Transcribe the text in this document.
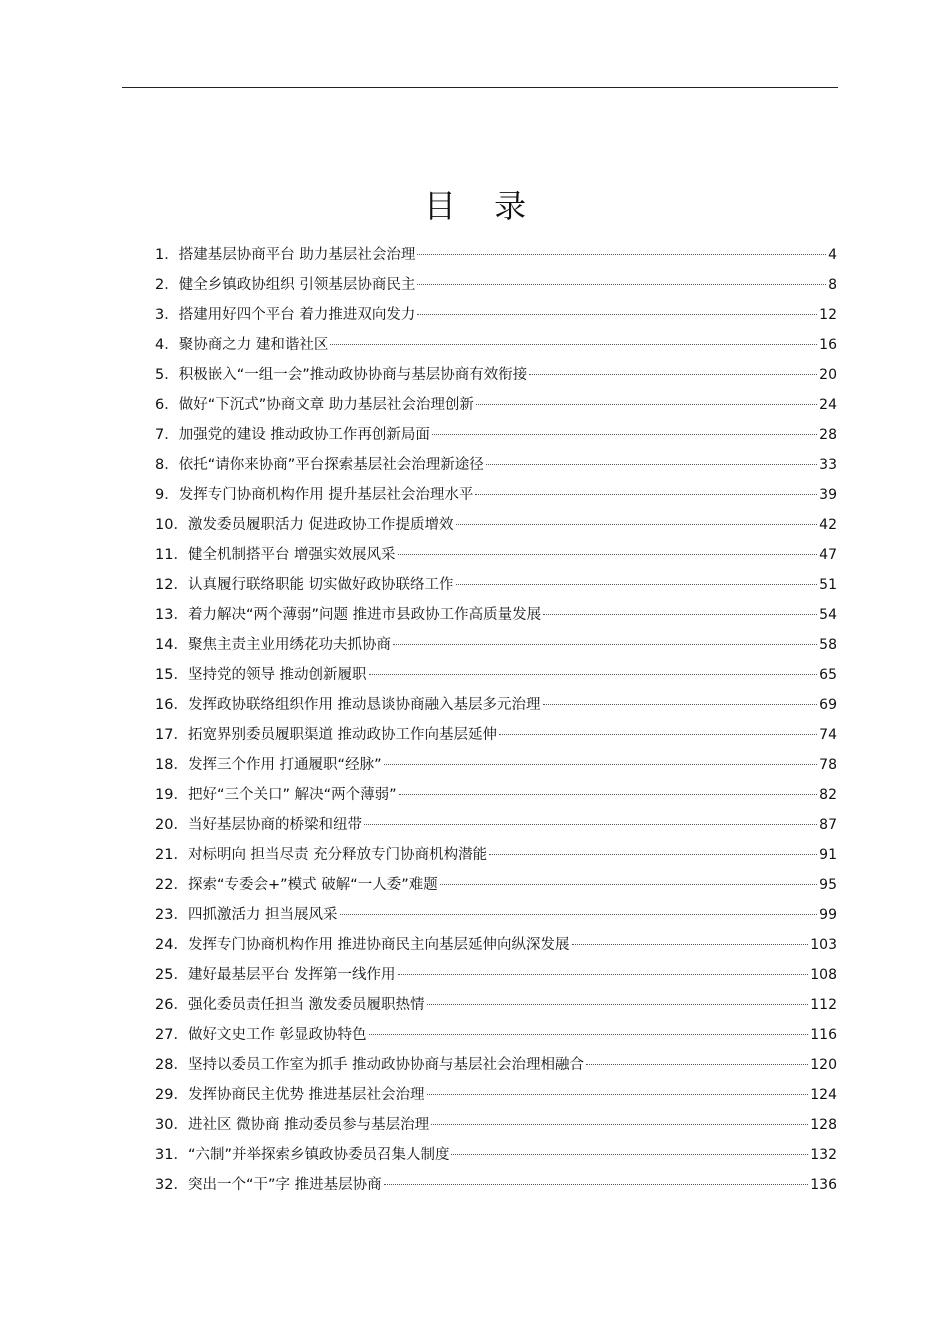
目 录
1． 搭建基层协商平台 助力基层社会治理	4
2． 健全乡镇政协组织 引领基层协商民主	8
3． 搭建用好四个平台 着力推进双向发力	12
4． 聚协商之力 建和谐社区	16
5． 积极嵌入“一组一会”推动政协协商与基层协商有效衔接	20
6． 做好“下沉式”协商文章 助力基层社会治理创新	24
7． 加强党的建设 推动政协工作再创新局面	28
8． 依托“请你来协商”平台探索基层社会治理新途径	33
9． 发挥专门协商机构作用 提升基层社会治理水平	39
10． 激发委员履职活力 促进政协工作提质增效	42
11． 健全机制搭平台 增强实效展风采	47
12． 认真履行联络职能 切实做好政协联络工作	51
13． 着力解决“两个薄弱”问题 推进市县政协工作高质量发展	54
14． 聚焦主责主业用绣花功夫抓协商	58
15． 坚持党的领导 推动创新履职	65
16． 发挥政协联络组织作用 推动恳谈协商融入基层多元治理	69
17． 拓宽界别委员履职渠道 推动政协工作向基层延伸	74
18． 发挥三个作用 打通履职“经脉”	78
19． 把好“三个关口” 解决“两个薄弱”	82
20． 当好基层协商的桥梁和纽带	87
21． 对标明向 担当尽责 充分释放专门协商机构潜能	91
22． 探索“专委会+”模式 破解“一人委”难题	95
23． 四抓激活力 担当展风采	99
24． 发挥专门协商机构作用 推进协商民主向基层延伸向纵深发展	103
25． 建好最基层平台 发挥第一线作用	108
26． 强化委员责任担当 激发委员履职热情	112
27． 做好文史工作 彰显政协特色	116
28． 坚持以委员工作室为抓手 推动政协协商与基层社会治理相融合	120
29． 发挥协商民主优势 推进基层社会治理	124
30． 进社区 微协商 推动委员参与基层治理	128
31． “六制”并举探索乡镇政协委员召集人制度	132
32． 突出一个“干”字 推进基层协商	136
